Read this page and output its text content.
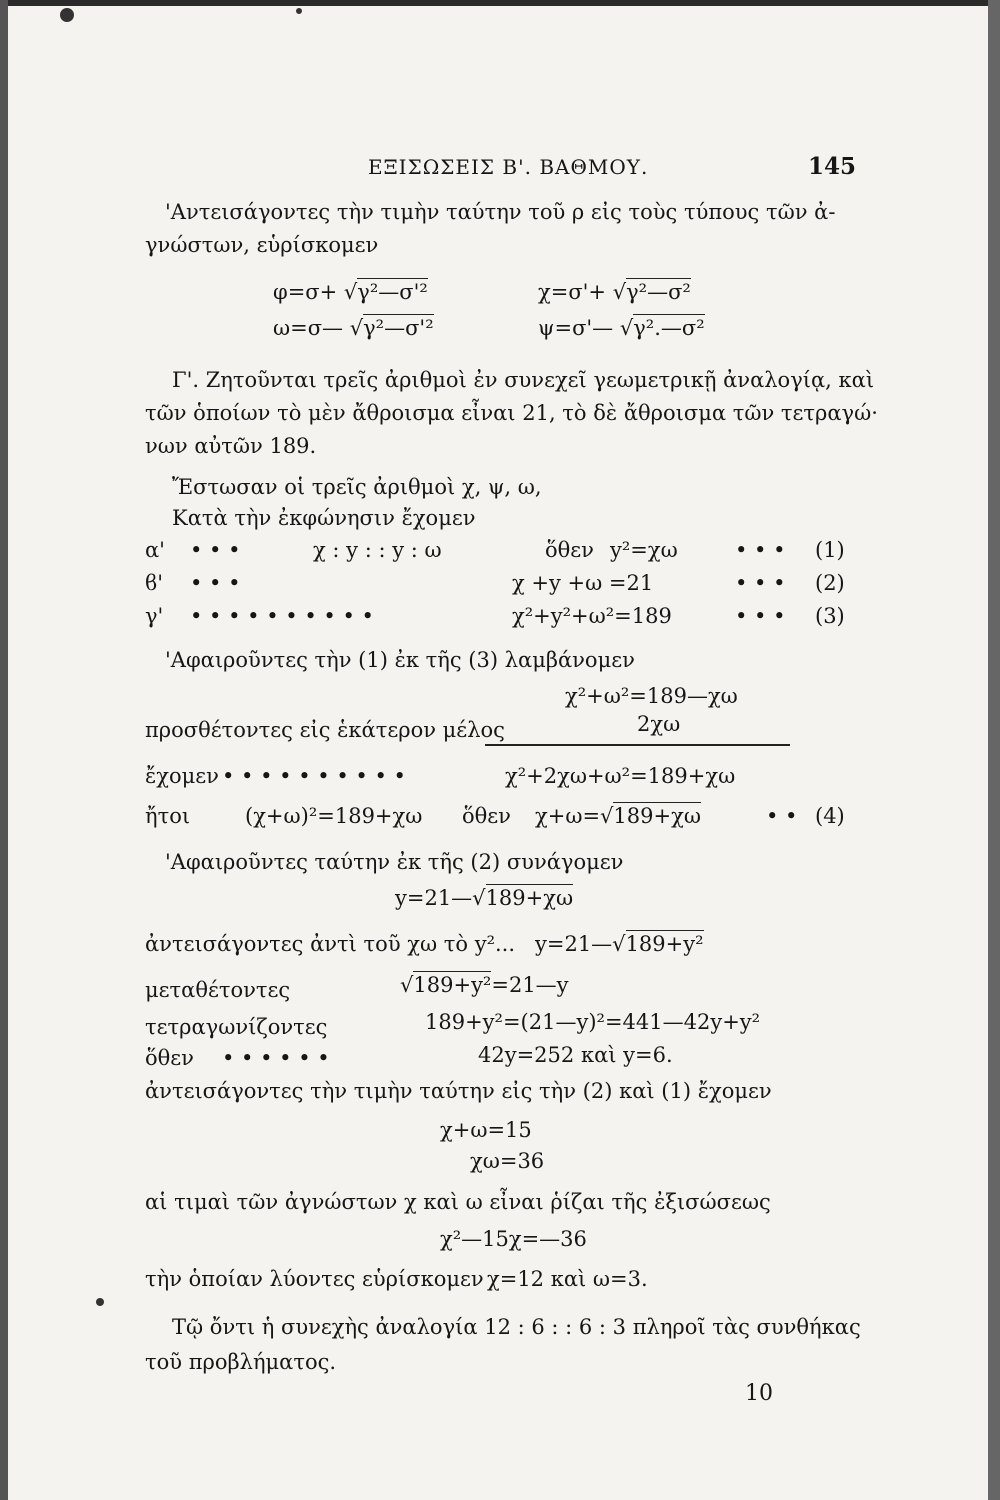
ΕΞΙΣΩΣΕΙΣ Β'. ΒΑΘΜΟΥ.	145
'Αντεισάγοντες τὴν τιμὴν ταύτην τοῦ ρ εἰς τοὺς τύπους τῶν ἀ-
γνώστων, εὑρίσκομεν
φ=σ+ √γ²—σ'²	χ=σ'+ √γ²—σ²
ω=σ— √γ²—σ'²	ψ=σ'— √γ².—σ²
Γ'. Ζητοῦνται τρεῖς ἀριθμοὶ ἐν συνεχεῖ γεωμετρικῇ ἀναλογίᾳ, καὶ
τῶν ὁποίων τὸ μὲν ἄθροισμα εἶναι 21, τὸ δὲ ἄθροισμα τῶν τετραγώ·
νων αὐτῶν 189.
Ἔστωσαν οἱ τρεῖς ἀριθμοὶ χ, ψ, ω,
Κατὰ τὴν ἐκφώνησιν ἔχομεν
α' • • •	χ : y : : y : ω	ὅθεν y²=χω	• • • (1)
ϐ' • • •	χ +y +ω =21	• • • (2)
γ' • • • • • • • • • •	χ²+y²+ω²=189	• • • (3)
'Αφαιροῦντες τὴν (1) ἐκ τῆς (3) λαμβάνομεν
χ²+ω²=189—χω
προσθέτοντες εἰς ἑκάτερον μέλος	2χω
ἔχομεν • • • • • • • • • •	χ²+2χω+ω²=189+χω
ἤτοι	(χ+ω)²=189+χω ὅθεν χ+ω=√189+χω	• • (4)
'Αφαιροῦντες ταύτην ἐκ τῆς (2) συνάγομεν
y=21—√189+χω
ἀντεισάγοντες ἀντὶ τοῦ χω τὸ y²... y=21—√189+y²
μεταθέτοντες	√189+y²=21—y
τετραγωνίζοντες	189+y²=(21—y)²=441—42y+y²
ὅθεν • • • • • •	42y=252 καὶ y=6.
ἀντεισάγοντες τὴν τιμὴν ταύτην εἰς τὴν (2) καὶ (1) ἔχομεν
χ+ω=15
χω=36
αἱ τιμαὶ τῶν ἀγνώστων χ καὶ ω εἶναι ῥίζαι τῆς ἐξισώσεως
χ²—15χ=—36
τὴν ὁποίαν λύοντες εὑρίσκομεν χ=12 καὶ ω=3.
Τῷ ὄντι ἡ συνεχὴς ἀναλογία 12 : 6 : : 6 : 3 πληροῖ τὰς συνθήκας
τοῦ προβλήματος.
10
